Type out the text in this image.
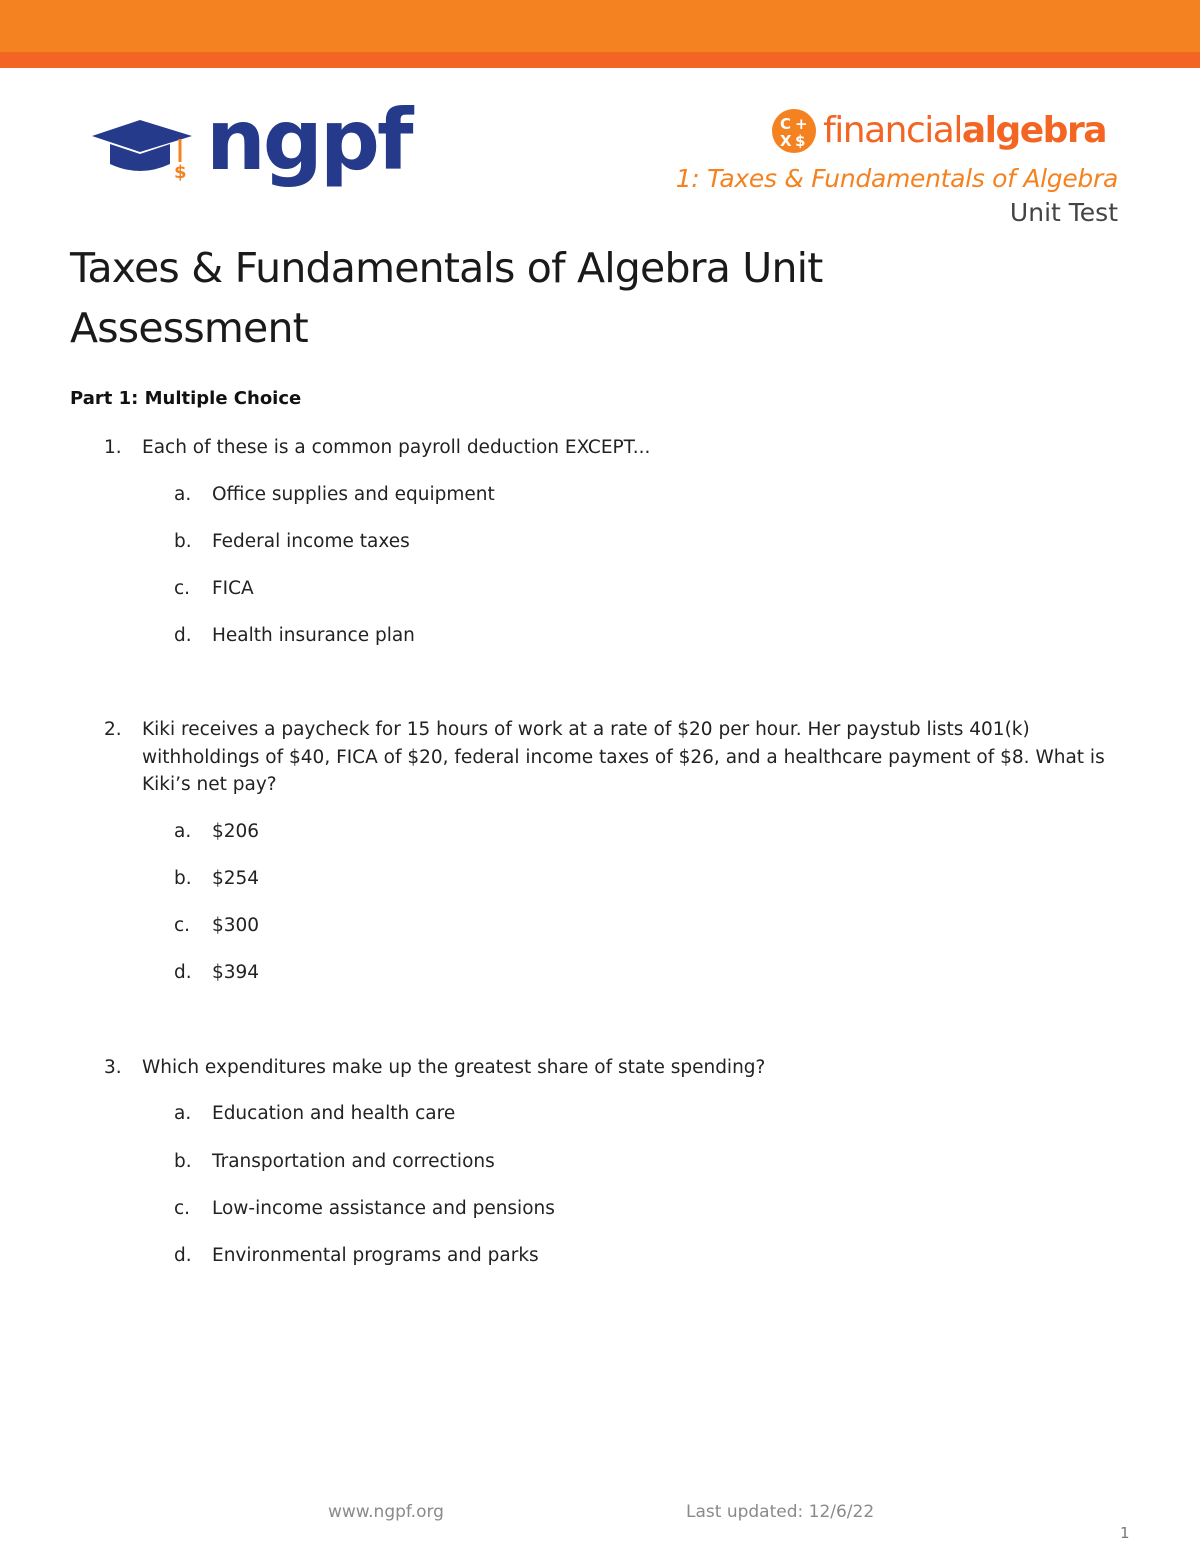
$ ngpf	C +
X $ financialalgebra
1: Taxes & Fundamentals of Algebra
Unit Test
Taxes & Fundamentals of Algebra Unit
Assessment
Part 1: Multiple Choice
1.	Each of these is a common payroll deduction EXCEPT...
a. Office supplies and equipment
b. Federal income taxes
c. FICA
d. Health insurance plan
2.	Kiki receives a paycheck for 15 hours of work at a rate of $20 per hour. Her paystub lists 401(k) withholdings of $40, FICA of $20, federal income taxes of $26, and a healthcare payment of $8. What is Kiki’s net pay?
a. $206
b. $254
c. $300
d. $394
3.	Which expenditures make up the greatest share of state spending?
a. Education and health care
b. Transportation and corrections
c. Low-income assistance and pensions
d. Environmental programs and parks
www.ngpf.org	Last updated: 12/6/22
1
